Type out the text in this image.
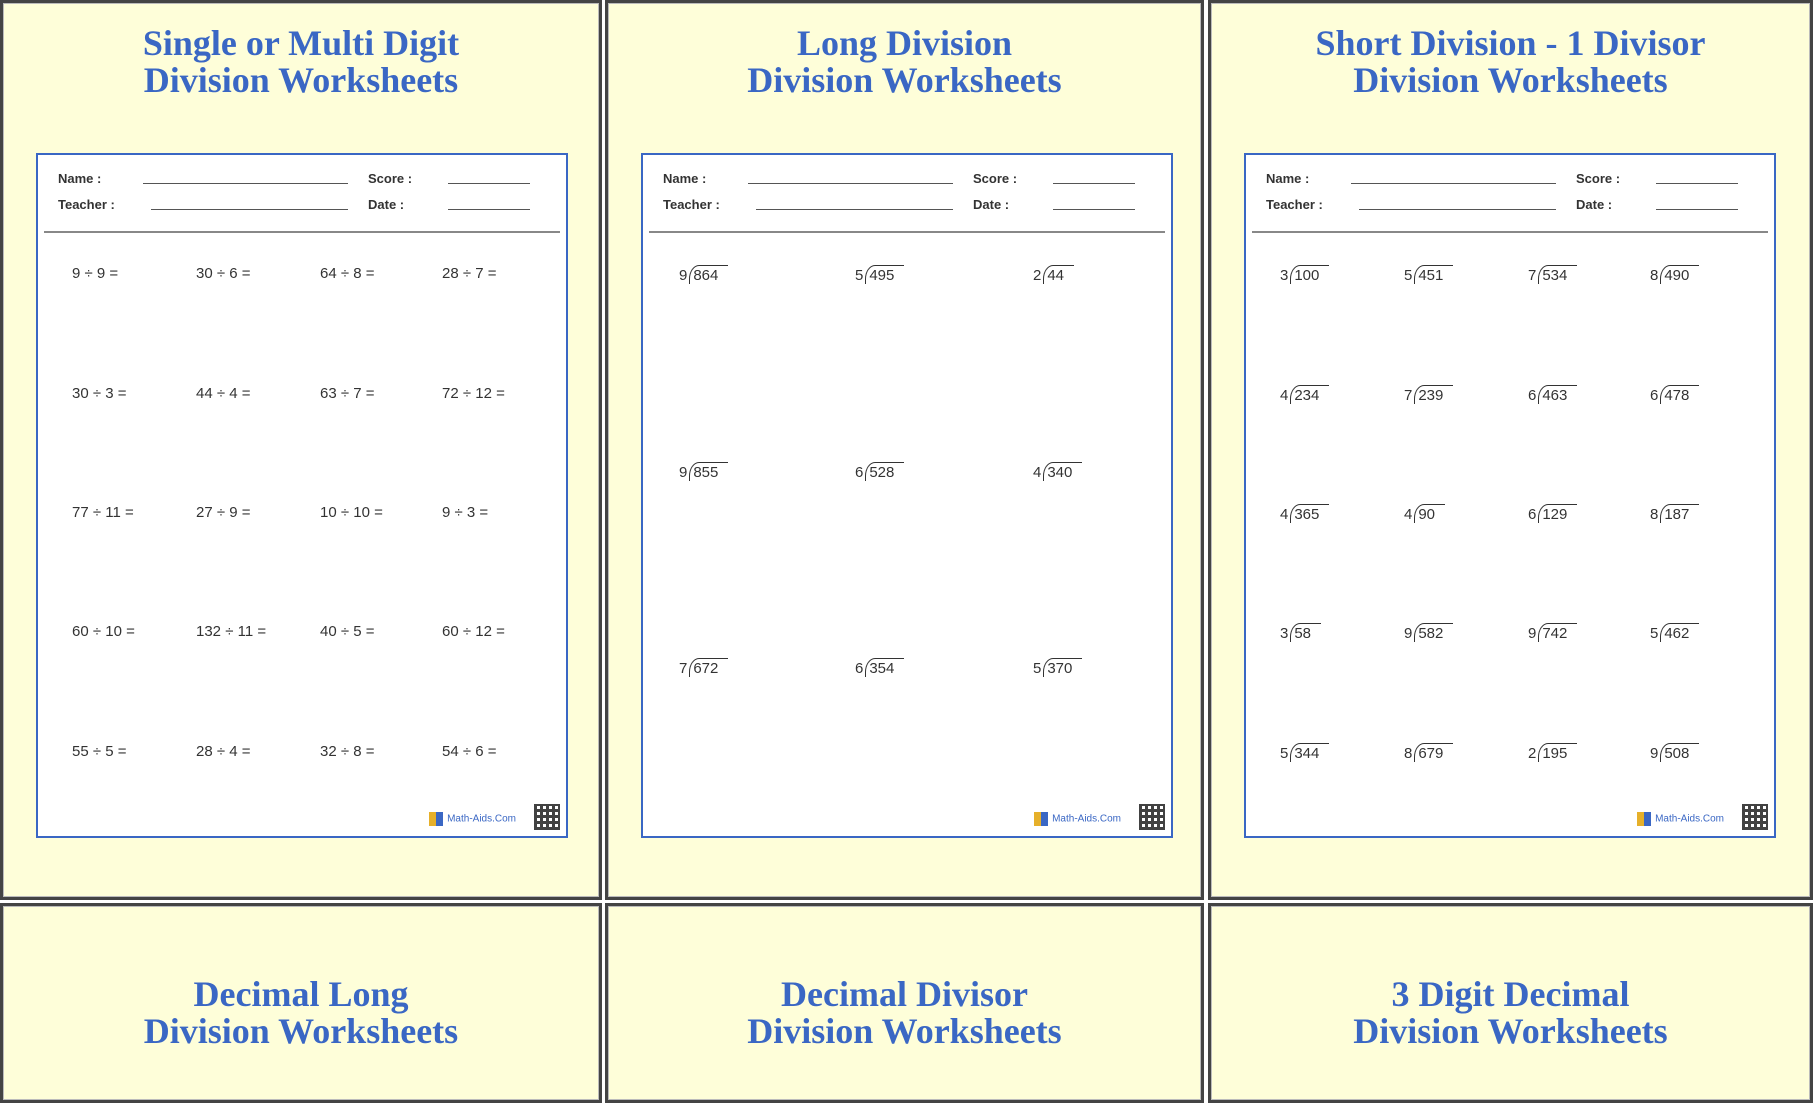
Single or Multi Digit
Division Worksheets
Name :	Score :
Teacher :	Date :
Math-Aids.Com
9 ÷ 9 =	30 ÷ 6 =	64 ÷ 8 =	28 ÷ 7 =
30 ÷ 3 =	44 ÷ 4 =	63 ÷ 7 =	72 ÷ 12 =
77 ÷ 11 =	27 ÷ 9 =	10 ÷ 10 =	9 ÷ 3 =
60 ÷ 10 =	132 ÷ 11 =	40 ÷ 5 =	60 ÷ 12 =
55 ÷ 5 =	28 ÷ 4 =	32 ÷ 8 =	54 ÷ 6 =
Long Division
Division Worksheets
Name :	Score :
Teacher :	Date :
Math-Aids.Com
9 864	5 495	2 44
9 855	6 528	4 340
7 672	6 354	5 370
Short Division - 1 Divisor
Division Worksheets
Name :	Score :
Teacher :	Date :
Math-Aids.Com
3 100	5 451	7 534	8 490
4 234	7 239	6 463	6 478
4 365	4 90	6 129	8 187
3 58	9 582	9 742	5 462
5 344	8 679	2 195	9 508
Decimal Long
Division Worksheets
Decimal Divisor
Division Worksheets
3 Digit Decimal
Division Worksheets
